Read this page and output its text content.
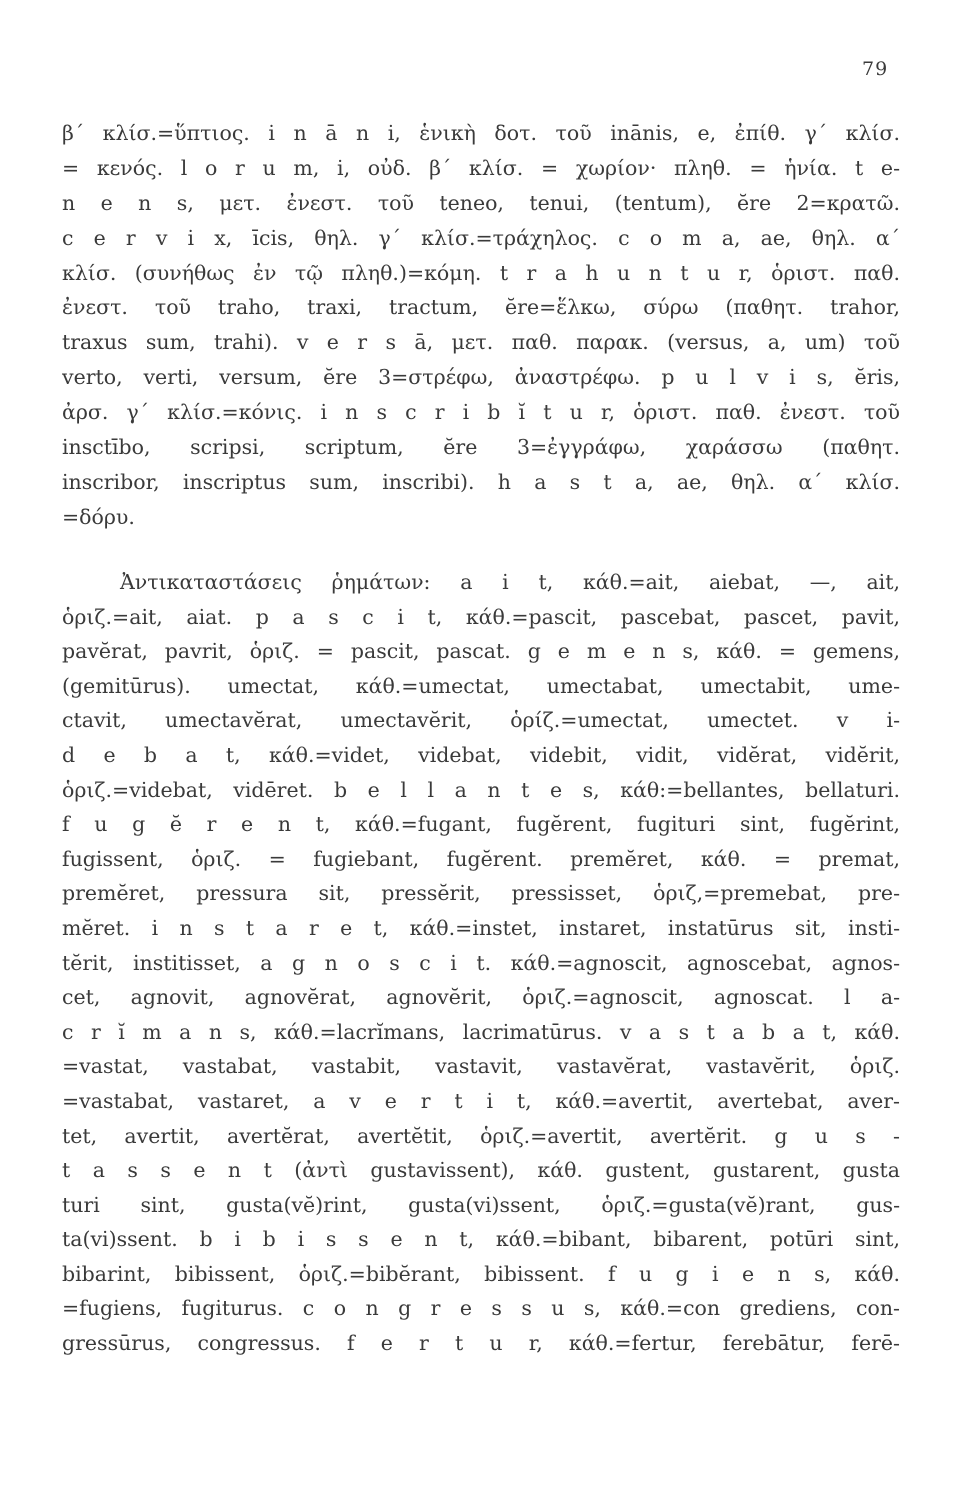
79
β΄ κλίσ.=ὕπτιος. i n ā n i, ἑνικὴ δοτ. τοῦ inānis, e, ἐπίθ. γ΄ κλίσ.
= κενός. l o r u m, i, οὐδ. β΄ κλίσ. = χωρίον· πληθ. = ἡνία. t e-
n e n s, μετ. ἐνεστ. τοῦ teneo, tenui, (tentum), ĕre 2=κρατῶ.
c e r v i x, īcis, θηλ. γ΄ κλίσ.=τράχηλος. c o m a, ae, θηλ. α΄
κλίσ. (συνήθως ἐν τῷ πληθ.)=κόμη. t r a h u n t u r, ὁριστ. παθ.
ἐνεστ. τοῦ traho, traxi, tractum, ĕre=ἕλκω, σύρω (παθητ. trahor,
traxus sum, trahi). v e r s ā, μετ. παθ. παρακ. (versus, a, um) τοῦ
verto, verti, versum, ĕre 3=στρέφω, ἀναστρέφω. p u l v i s, ĕris,
ἀρσ. γ΄ κλίσ.=κόνις. i n s c r i b ĭ t u r, ὁριστ. παθ. ἐνεστ. τοῦ
insctībo, scripsi, scriptum, ĕre 3=ἐγγράφω, χαράσσω (παθητ.
inscribor, inscriptus sum, inscribi). h a s t a, ae, θηλ. α΄ κλίσ.
=δόρυ.
Ἀντικαταστάσεις ῥημάτων: a i t, κάθ.=ait, aiebat, —, ait,
ὁριζ.=ait, aiat. p a s c i t, κάθ.=pascit, pascebat, pascet, pavit,
pavĕrat, pavrit, ὁριζ. = pascit, pascat. g e m e n s, κάθ. = gemens,
(gemitūrus). umectat, κάθ.=umectat, umectabat, umectabit, ume-
ctavit, umectavĕrat, umectavĕrit, ὁρίζ.=umectat, umectet. v i-
d e b a t, κάθ.=videt, videbat, videbit, vidit, vidĕrat, vidĕrit,
ὁριζ.=videbat, vidēret. b e l l a n t e s, κάθ:=bellantes, bellaturi.
f u g ĕ r e n t, κάθ.=fugant, fugĕrent, fugituri sint, fugĕrint,
fugissent, ὁριζ. = fugiebant, fugĕrent. premĕret, κάθ. = premat,
premĕret, pressura sit, pressĕrit, pressisset, ὁριζ,=premebat, pre-
mĕret. i n s t a r e t, κάθ.=instet, instaret, instatūrus sit, insti-
tĕrit, institisset, a g n o s c i t. κάθ.=agnoscit, agnoscebat, agnos-
cet, agnovit, agnovĕrat, agnovĕrit, ὁριζ.=agnoscit, agnoscat. l a-
c r ĭ m a n s, κάθ.=lacrĭmans, lacrimatūrus. v a s t a b a t, κάθ.
=vastat, vastabat, vastabit, vastavit, vastavĕrat, vastavĕrit, ὁριζ.
=vastabat, vastaret, a v e r t i t, κάθ.=avertit, avertebat, aver-
tet, avertit, avertĕrat, avertĕtit, ὁριζ.=avertit, avertĕrit. g u s -
t a s s e n t (ἀντὶ gustavissent), κάθ. gustent, gustarent, gusta
turi sint, gusta(vĕ)rint, gusta(vi)ssent, ὁριζ.=gusta(vĕ)rant, gus-
ta(vi)ssent. b i b i s s e n t, κάθ.=bibant, bibarent, potūri sint,
bibarint, bibissent, ὁριζ.=bibĕrant, bibissent. f u g i e n s, κάθ.
=fugiens, fugiturus. c o n g r e s s u s, κάθ.=con grediens, con-
gressūrus, congressus. f e r t u r, κάθ.=fertur, ferebātur, ferē-
